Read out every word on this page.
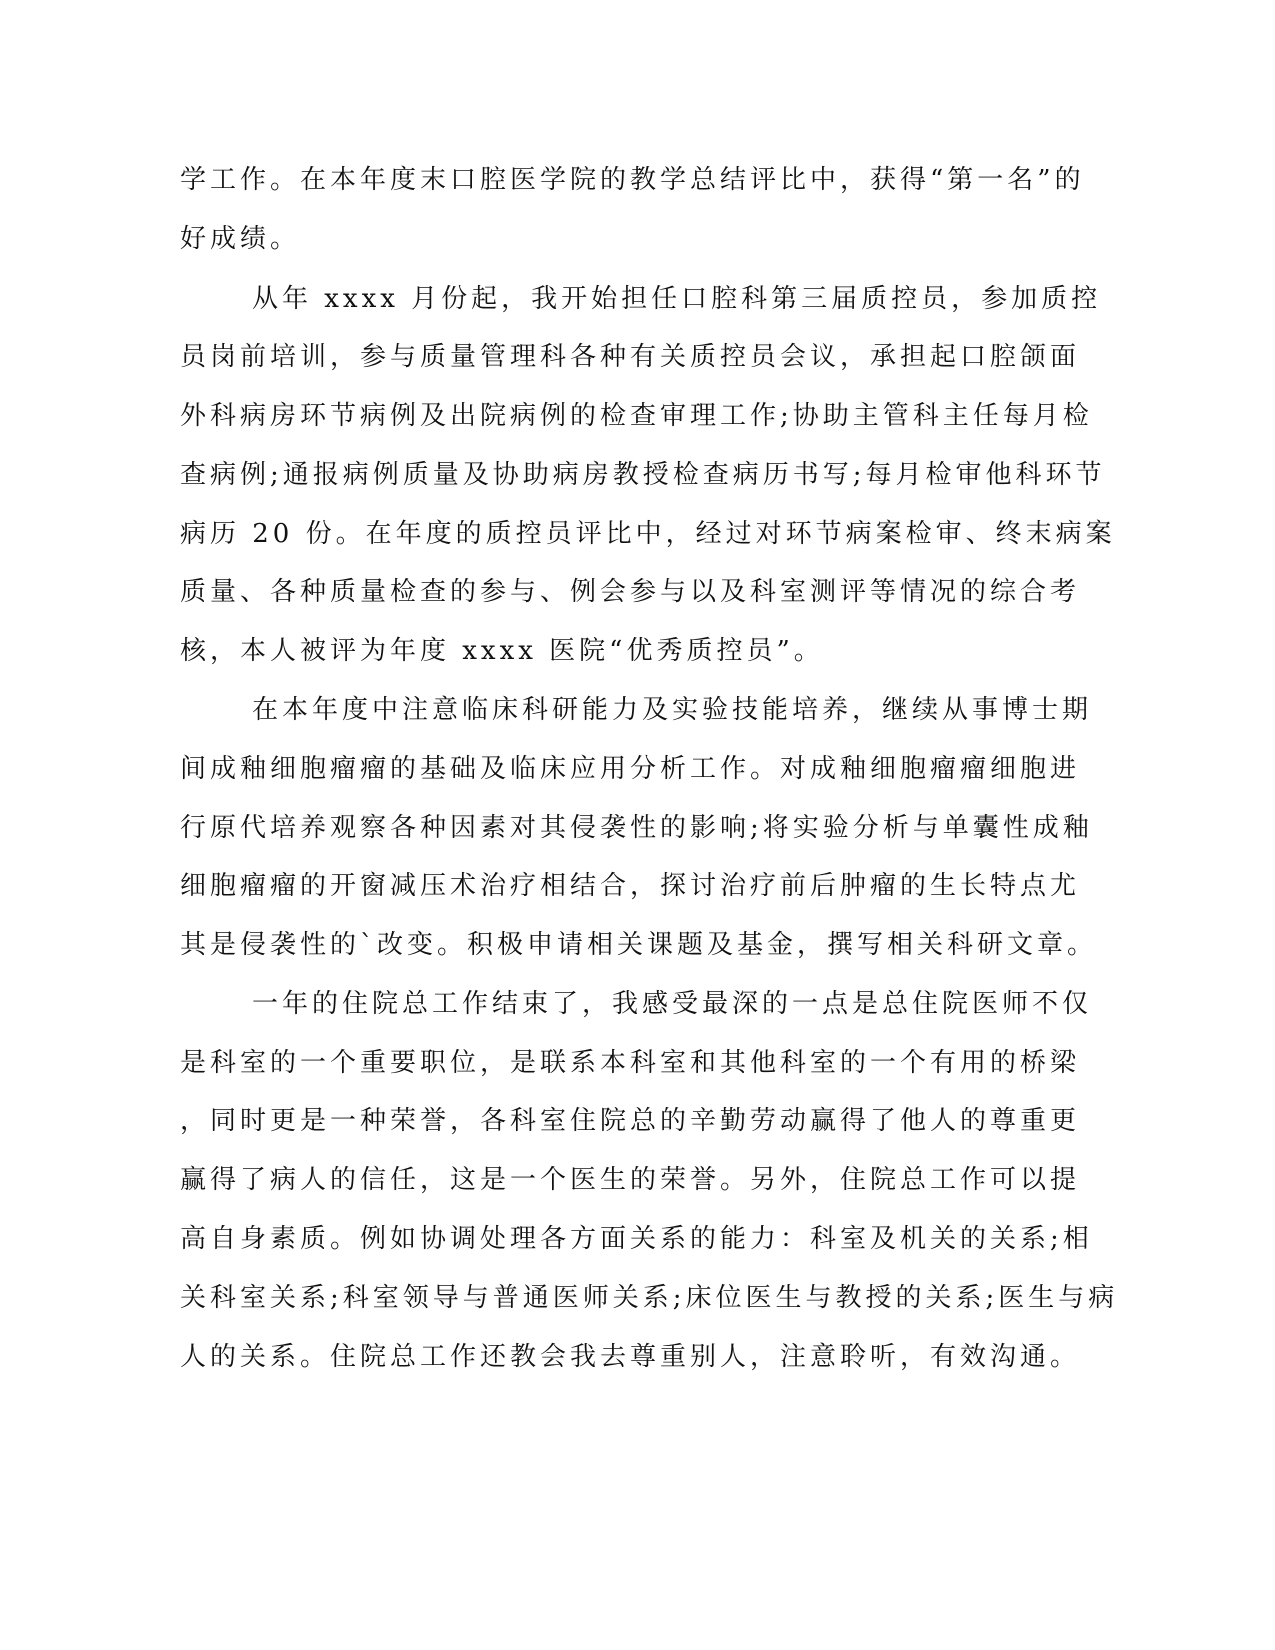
学工作。在本年度末口腔医学院的教学总结评比中，获得“第一名”的
好成绩。
从年 xxxx 月份起，我开始担任口腔科第三届质控员，参加质控
员岗前培训，参与质量管理科各种有关质控员会议，承担起口腔颌面
外科病房环节病例及出院病例的检查审理工作;协助主管科主任每月检
查病例;通报病例质量及协助病房教授检查病历书写;每月检审他科环节
病历 20 份。在年度的质控员评比中，经过对环节病案检审、终末病案
质量、各种质量检查的参与、例会参与以及科室测评等情况的综合考
核，本人被评为年度 xxxx 医院“优秀质控员”。
在本年度中注意临床科研能力及实验技能培养，继续从事博士期
间成釉细胞瘤瘤的基础及临床应用分析工作。对成釉细胞瘤瘤细胞进
行原代培养观察各种因素对其侵袭性的影响;将实验分析与单囊性成釉
细胞瘤瘤的开窗减压术治疗相结合，探讨治疗前后肿瘤的生长特点尤
其是侵袭性的`改变。积极申请相关课题及基金，撰写相关科研文章。
一年的住院总工作结束了，我感受最深的一点是总住院医师不仅
是科室的一个重要职位，是联系本科室和其他科室的一个有用的桥梁
，同时更是一种荣誉，各科室住院总的辛勤劳动赢得了他人的尊重更
赢得了病人的信任，这是一个医生的荣誉。另外，住院总工作可以提
高自身素质。例如协调处理各方面关系的能力：科室及机关的关系;相
关科室关系;科室领导与普通医师关系;床位医生与教授的关系;医生与病
人的关系。住院总工作还教会我去尊重别人，注意聆听，有效沟通。
